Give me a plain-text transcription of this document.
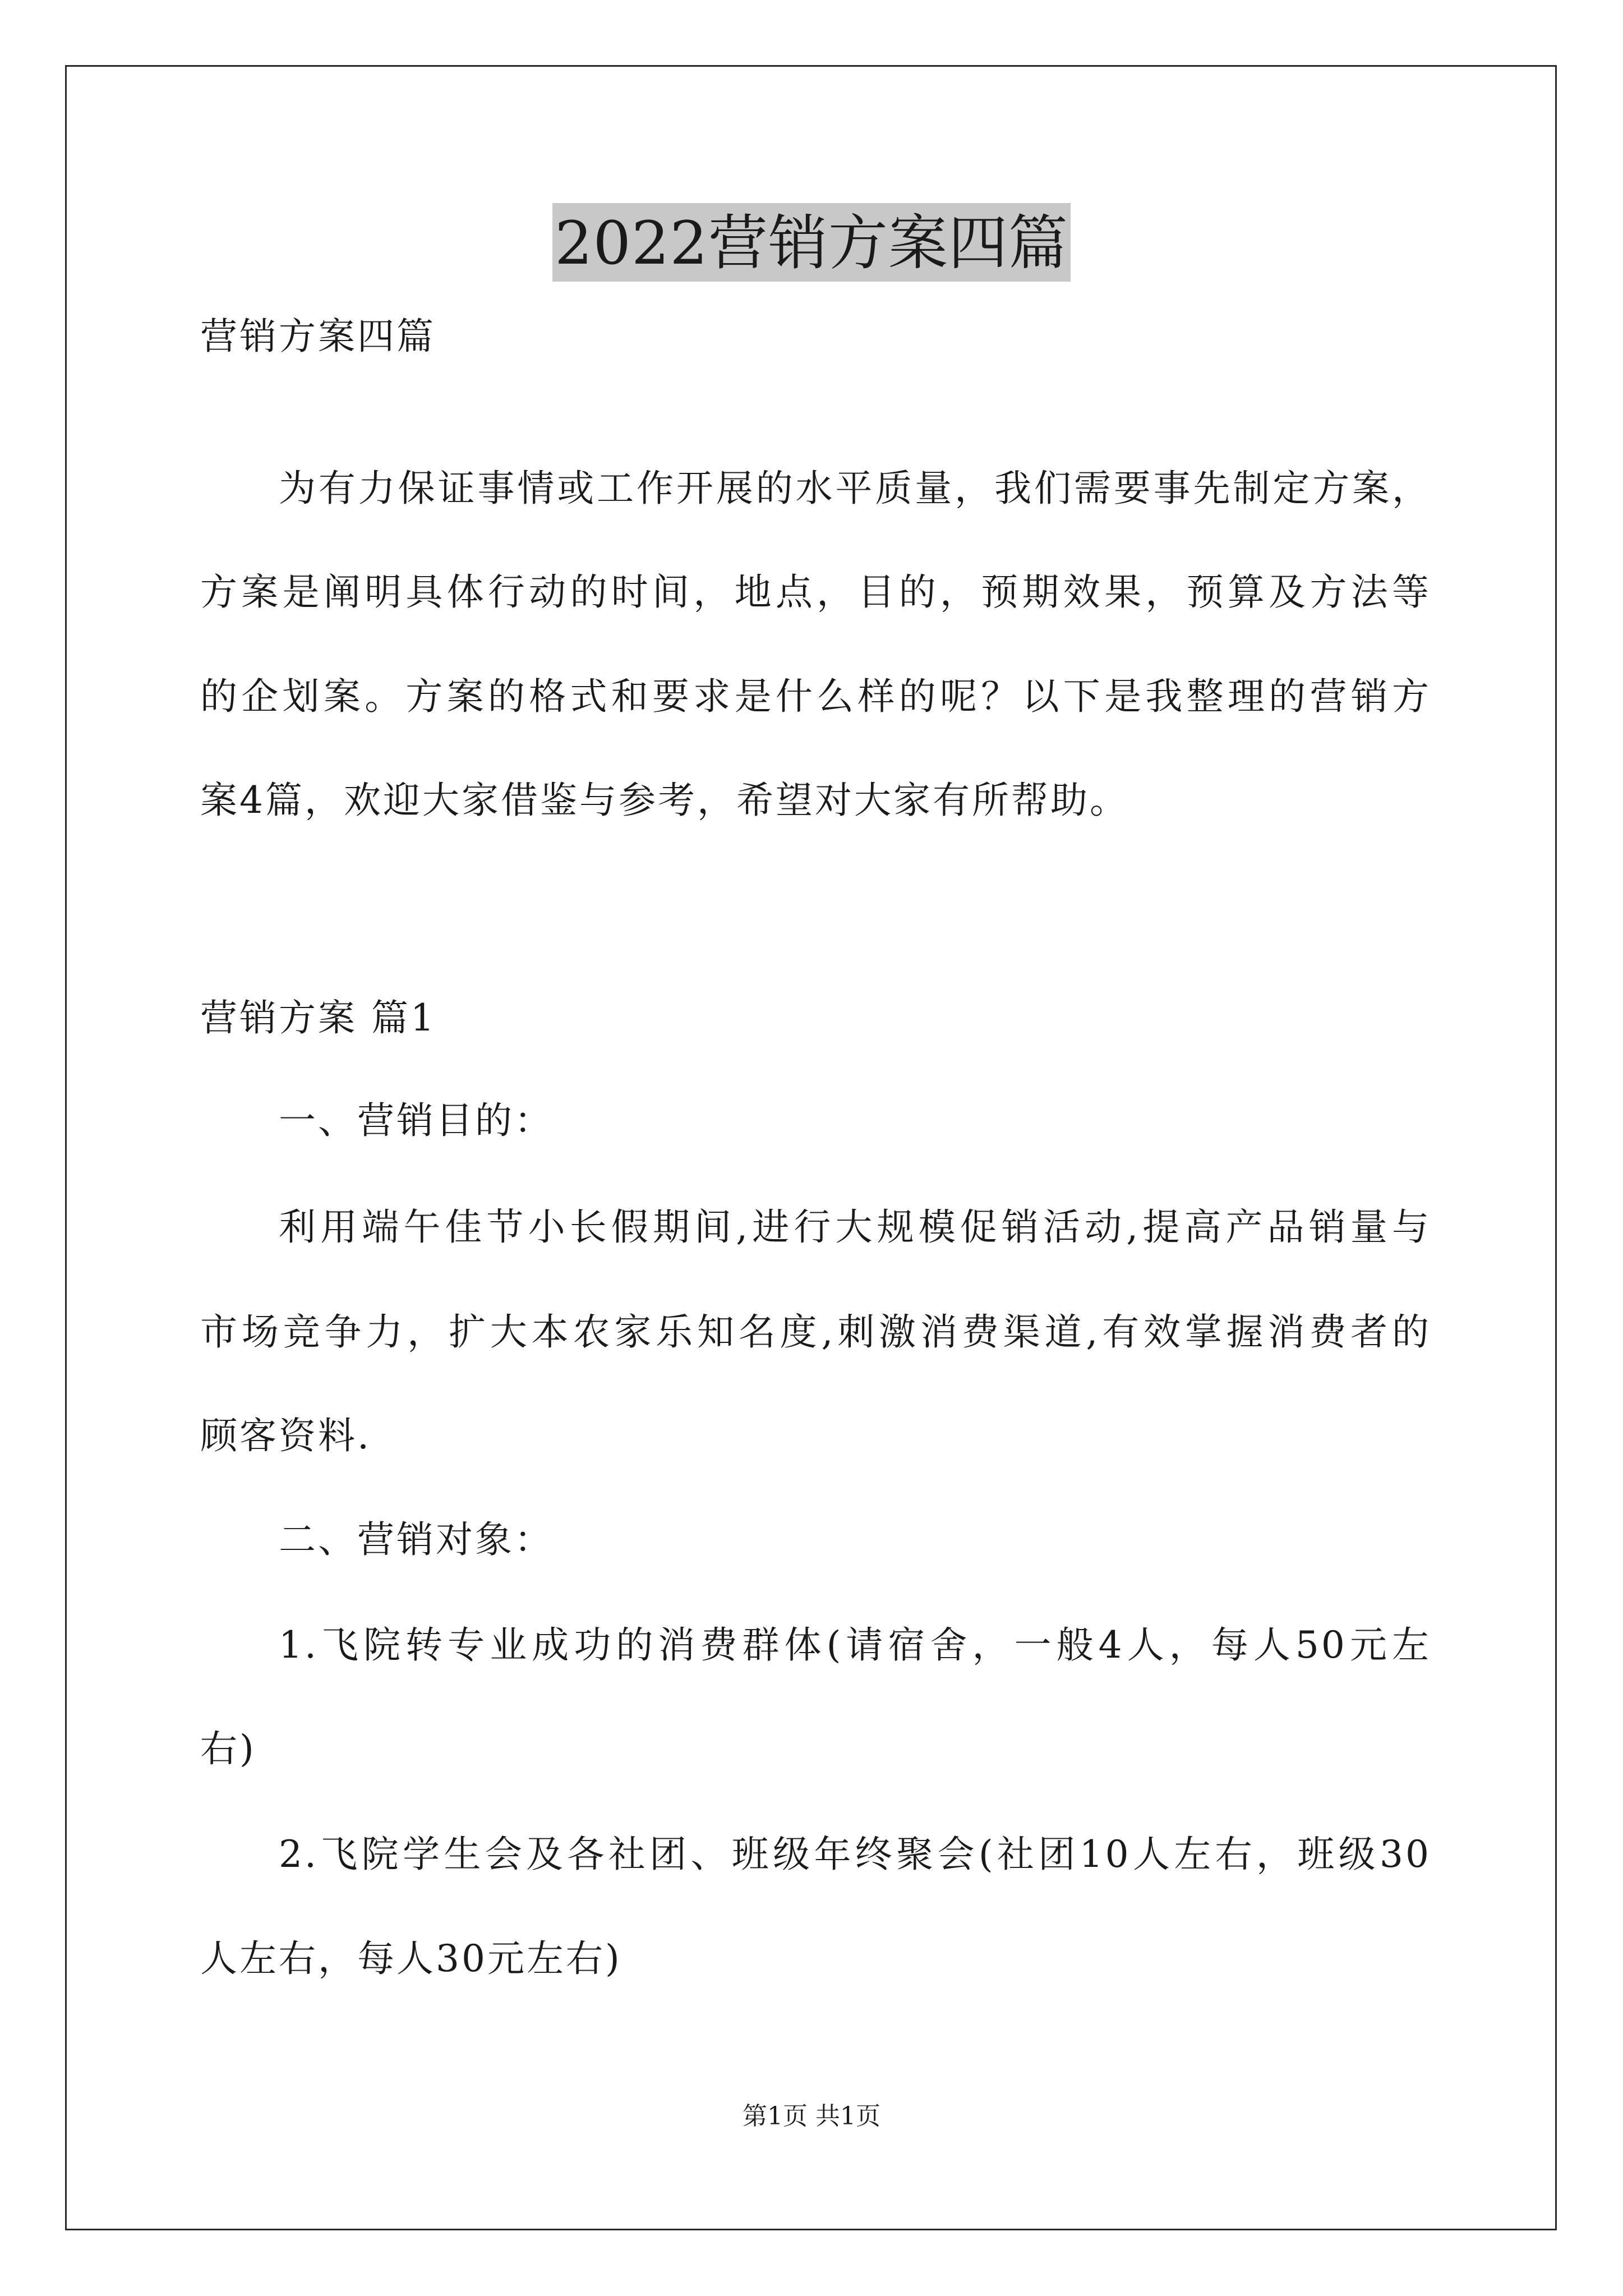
2022营销方案四篇
营销方案四篇
为有力保证事情或工作开展的水平质量，我们需要事先制定方案，
方案是阐明具体行动的时间，地点，目的，预期效果，预算及方法等
的企划案。方案的格式和要求是什么样的呢？以下是我整理的营销方
案4篇，欢迎大家借鉴与参考，希望对大家有所帮助。
营销方案 篇1
一、营销目的：
利用端午佳节小长假期间,进行大规模促销活动,提高产品销量与
市场竞争力，扩大本农家乐知名度,刺激消费渠道,有效掌握消费者的
顾客资料.
二、营销对象：
1.飞院转专业成功的消费群体(请宿舍，一般4人，每人50元左
右)
2.飞院学生会及各社团、班级年终聚会(社团10人左右，班级30
人左右，每人30元左右)
第1页 共1页
